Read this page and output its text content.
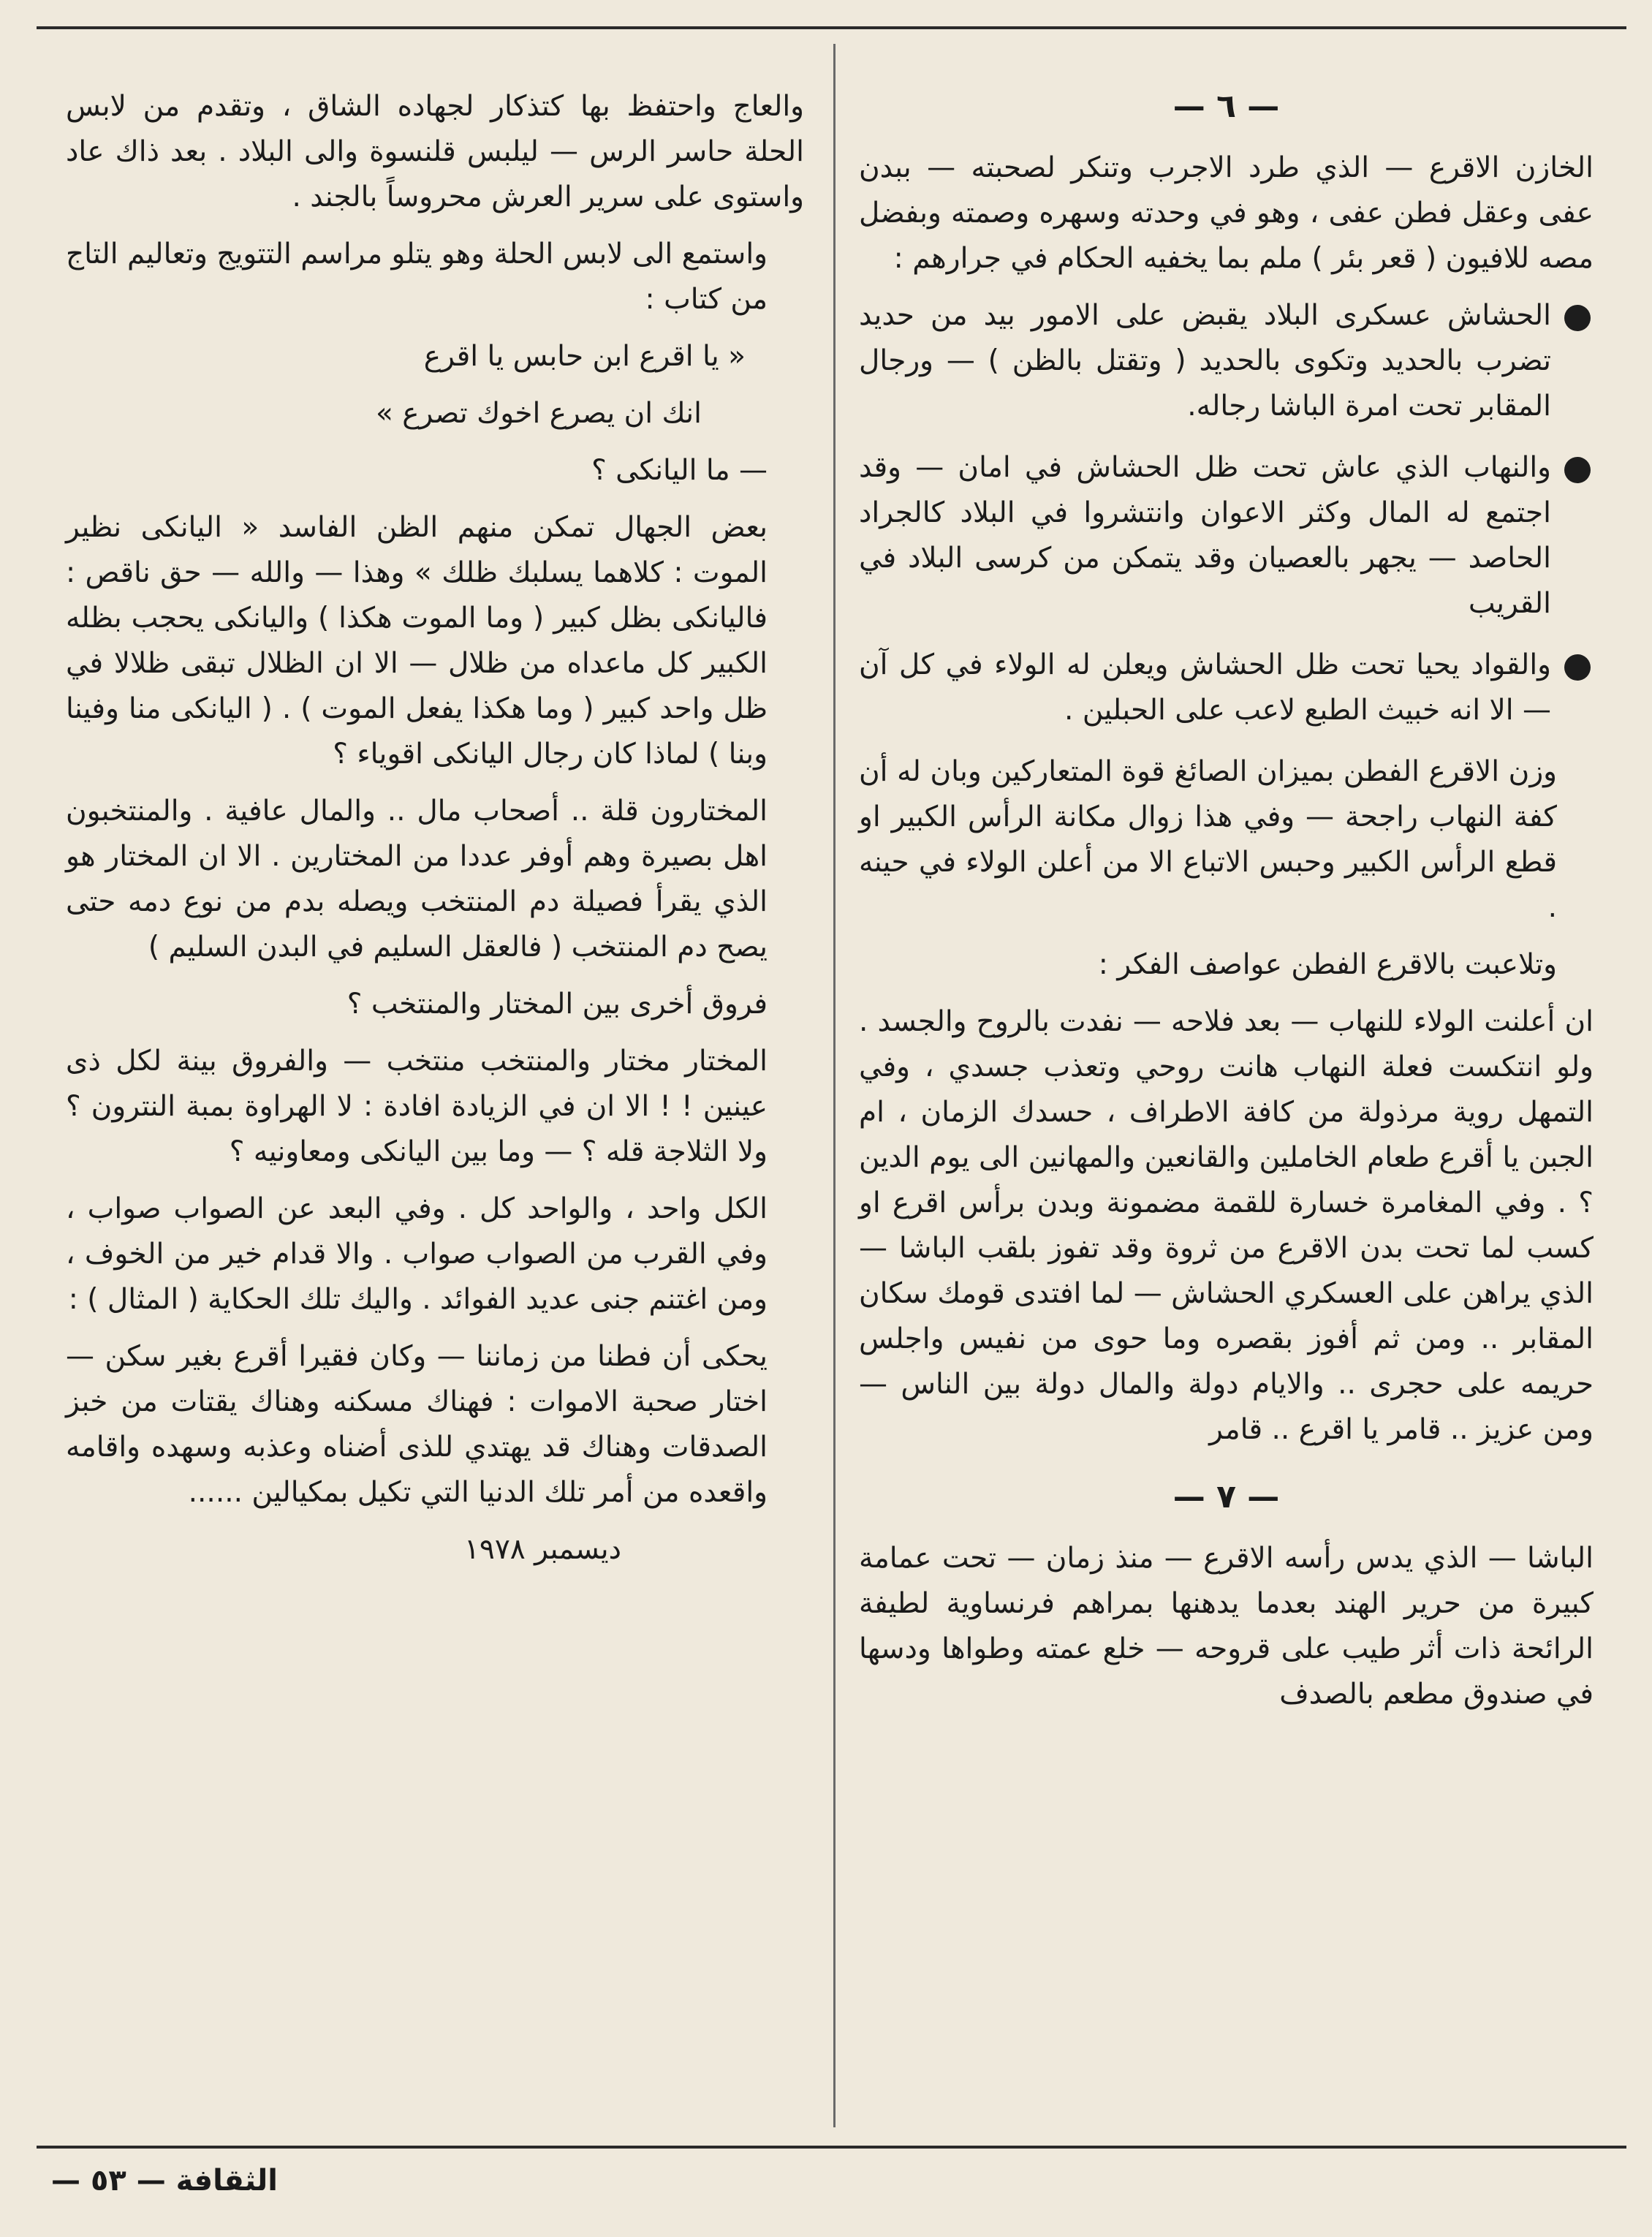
— ٦ —

الخازن الاقرع — الذي طرد الاجرب وتنكر لصحبته — ببدن عفى وعقل فطن عفى ، وهو في وحدته وسهره وصمته وبفضل مصه للافيون ( قعر بئر ) ملم بما يخفيه الحكام في جرارهم :

الحشاش عسكرى البلاد يقبض على الامور بيد من حديد تضرب بالحديد وتكوى بالحديد ( وتقتل بالظن ) — ورجال المقابر تحت امرة الباشا رجاله.
والنهاب الذي عاش تحت ظل الحشاش في امان — وقد اجتمع له المال وكثر الاعوان وانتشروا في البلاد كالجراد الحاصد — يجهر بالعصيان وقد يتمكن من كرسى البلاد في القريب
والقواد يحيا تحت ظل الحشاش ويعلن له الولاء في كل آن — الا انه خبيث الطبع لاعب على الحبلين .

وزن الاقرع الفطن بميزان الصائغ قوة المتعاركين وبان له أن كفة النهاب راجحة — وفي هذا زوال مكانة الرأس الكبير او قطع الرأس الكبير وحبس الاتباع الا من أعلن الولاء في حينه .

وتلاعبت بالاقرع الفطن عواصف الفكر :

ان أعلنت الولاء للنهاب — بعد فلاحه — نفدت بالروح والجسد . ولو انتكست فعلة النهاب هانت روحي وتعذب جسدي ، وفي التمهل روية مرذولة من كافة الاطراف ، حسدك الزمان ، ام الجبن يا أقرع طعام الخاملين والقانعين والمهانين الى يوم الدين ؟ . وفي المغامرة خسارة للقمة مضمونة وبدن برأس اقرع او كسب لما تحت بدن الاقرع من ثروة وقد تفوز بلقب الباشا — الذي يراهن على العسكري الحشاش — لما افتدى قومك سكان المقابر .. ومن ثم أفوز بقصره وما حوى من نفيس واجلس حريمه على حجرى .. والايام دولة والمال دولة بين الناس — ومن عزيز .. قامر يا اقرع .. قامر

— ٧ —

الباشا — الذي يدس رأسه الاقرع — منذ زمان — تحت عمامة كبيرة من حرير الهند بعدما يدهنها بمراهم فرنساوية لطيفة الرائحة ذات أثر طيب على قروحه — خلع عمته وطواها ودسها في صندوق مطعم بالصدف

والعاج واحتفظ بها كتذكار لجهاده الشاق ، وتقدم من لابس الحلة حاسر الرس — ليلبس قلنسوة والى البلاد . بعد ذاك عاد واستوى على سرير العرش محروساً بالجند .

واستمع الى لابس الحلة وهو يتلو مراسم التتويج وتعاليم التاج من كتاب :

« يا اقرع ابن حابس يا اقرع

انك ان يصرع اخوك تصرع »

— ما اليانكى ؟

بعض الجهال تمكن منهم الظن الفاسد « اليانكى نظير الموت : كلاهما يسلبك ظلك » وهذا — والله — حق ناقص : فاليانكى بظل كبير ( وما الموت هكذا ) واليانكى يحجب بظله الكبير كل ماعداه من ظلال — الا ان الظلال تبقى ظلالا في ظل واحد كبير ( وما هكذا يفعل الموت ) . ( اليانكى منا وفينا وبنا ) لماذا كان رجال اليانكى اقوياء ؟

المختارون قلة .. أصحاب مال .. والمال عافية . والمنتخبون اهل بصيرة وهم أوفر عددا من المختارين . الا ان المختار هو الذي يقرأ فصيلة دم المنتخب ويصله بدم من نوع دمه حتى يصح دم المنتخب ( فالعقل السليم في البدن السليم )

فروق أخرى بين المختار والمنتخب ؟

المختار مختار والمنتخب منتخب — والفروق بينة لكل ذى عينين ! ! الا ان في الزيادة افادة : لا الهراوة بمبة النترون ؟ ولا الثلاجة قله ؟ — وما بين اليانكى ومعاونيه ؟

الكل واحد ، والواحد كل . وفي البعد عن الصواب صواب ، وفي القرب من الصواب صواب . والا قدام خير من الخوف ، ومن اغتنم جنى عديد الفوائد . واليك تلك الحكاية ( المثال ) :

يحكى أن فطنا من زماننا — وكان فقيرا أقرع بغير سكن — اختار صحبة الاموات : فهناك مسكنه وهناك يقتات من خبز الصدقات وهناك قد يهتدي للذى أضناه وعذبه وسهده واقامه واقعده من أمر تلك الدنيا التي تكيل بمكيالين ......

ديسمبر ١٩٧٨

الثقافة — ٥٣ —
